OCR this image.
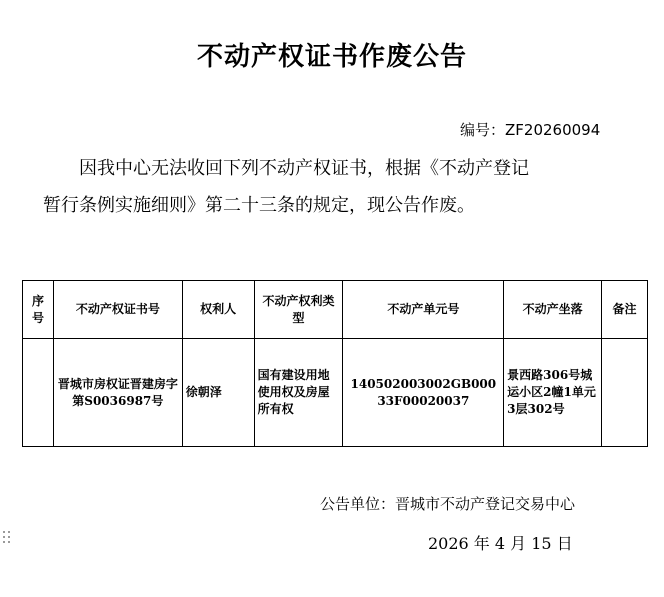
不动产权证书作废公告
编号：ZF20260094
因我中心无法收回下列不动产权证书，根据《不动产登记
暂行条例实施细则》第二十三条的规定，现公告作废。
序号	不动产权证书号	权利人	不动产权利类型	不动产单元号	不动产坐落	备注
	晋城市房权证晋建房字第S0036987号	徐朝泽	国有建设用地使用权及房屋所有权	140502003002GB00033F00020037	景西路306号城运小区2幢1单元3层302号	
公告单位：晋城市不动产登记交易中心
2026 年 4 月 15 日
